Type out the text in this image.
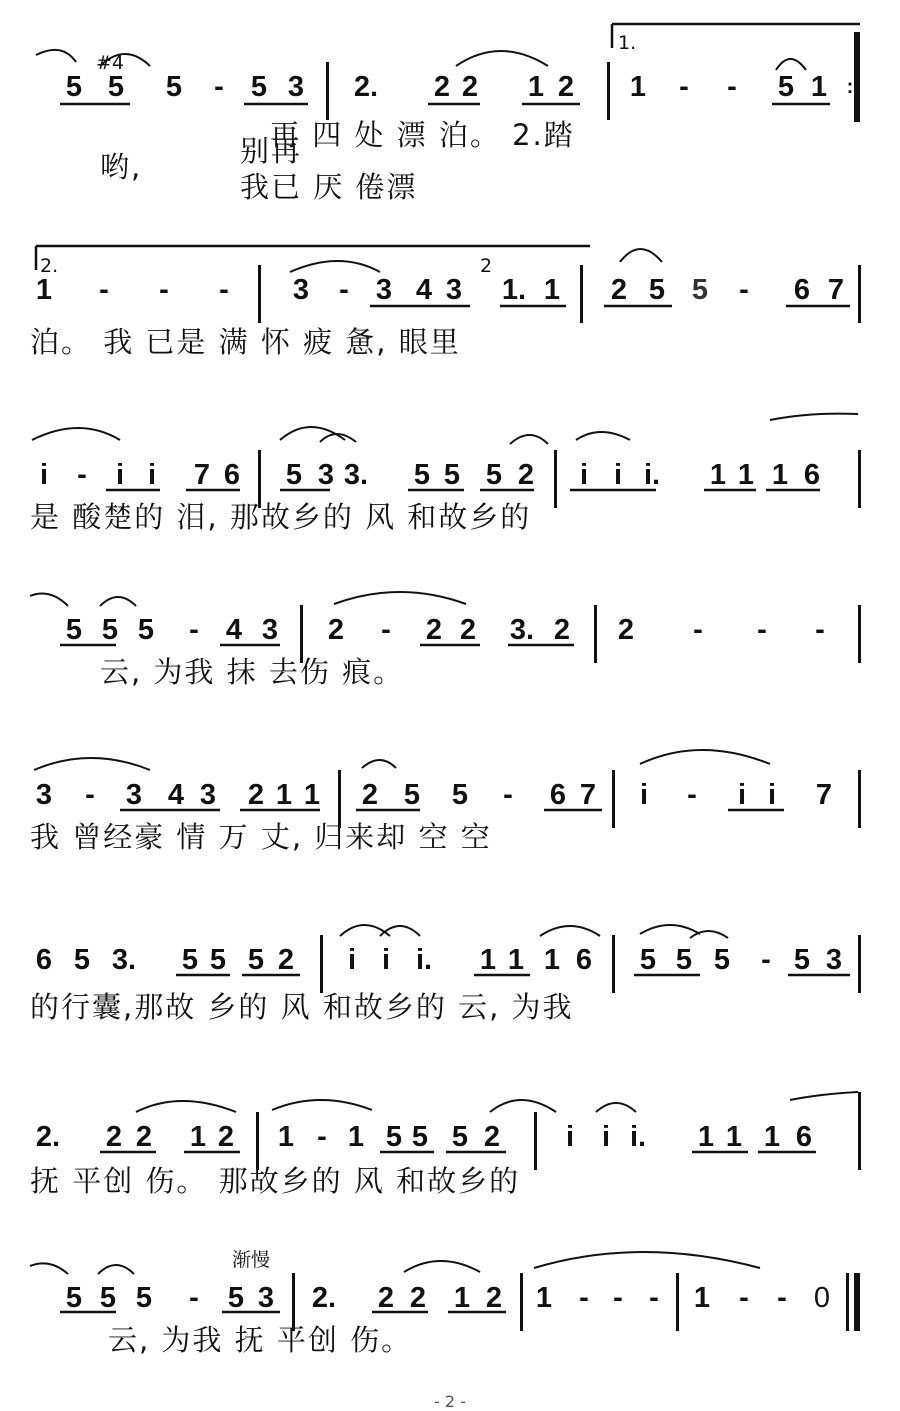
#4
1.
5 5 5	- 5 3 2. 2 2 1 2 1	-	-	5 1 :
再 四 处 漂 泊。 2.踏
哟,	别再
我已 厌 倦漂
2.	2
1	-	-	-	3	- 3 4 3 1. 1 2 5 5	-	6 7
泊。 我 已是 满 怀 疲 惫, 眼里
i	-	i i	7 6 5 3 3. 5 5 5 2	i i i. 1 1 1 6
是 酸楚的 泪, 那故乡的 风 和故乡的
5 5 5	- 4 3 2	-	2 2 3. 2 2	-	-	-
云, 为我 抹 去伤 痕。
3	-	3 4 3 2 1 1 2 5 5	-	6 7	i	-	i i	7
我 曾经豪 情 万 丈, 归来却 空 空
6 5 3. 5 5 5 2	i i i. 1 1 1 6 5 5 5	- 5 3
的行囊,那故 乡的 风 和故乡的 云, 为我
2. 2 2 1 2 1 - 1 5 5 5 2	i i i. 1 1 1 6
抚 平创 伤。 那故乡的 风 和故乡的
渐慢
5 5 5	-	5 3 2. 2 2 1 2 1 - - -	1	- - 0
云, 为我 抚 平创 伤。
- 2 -
